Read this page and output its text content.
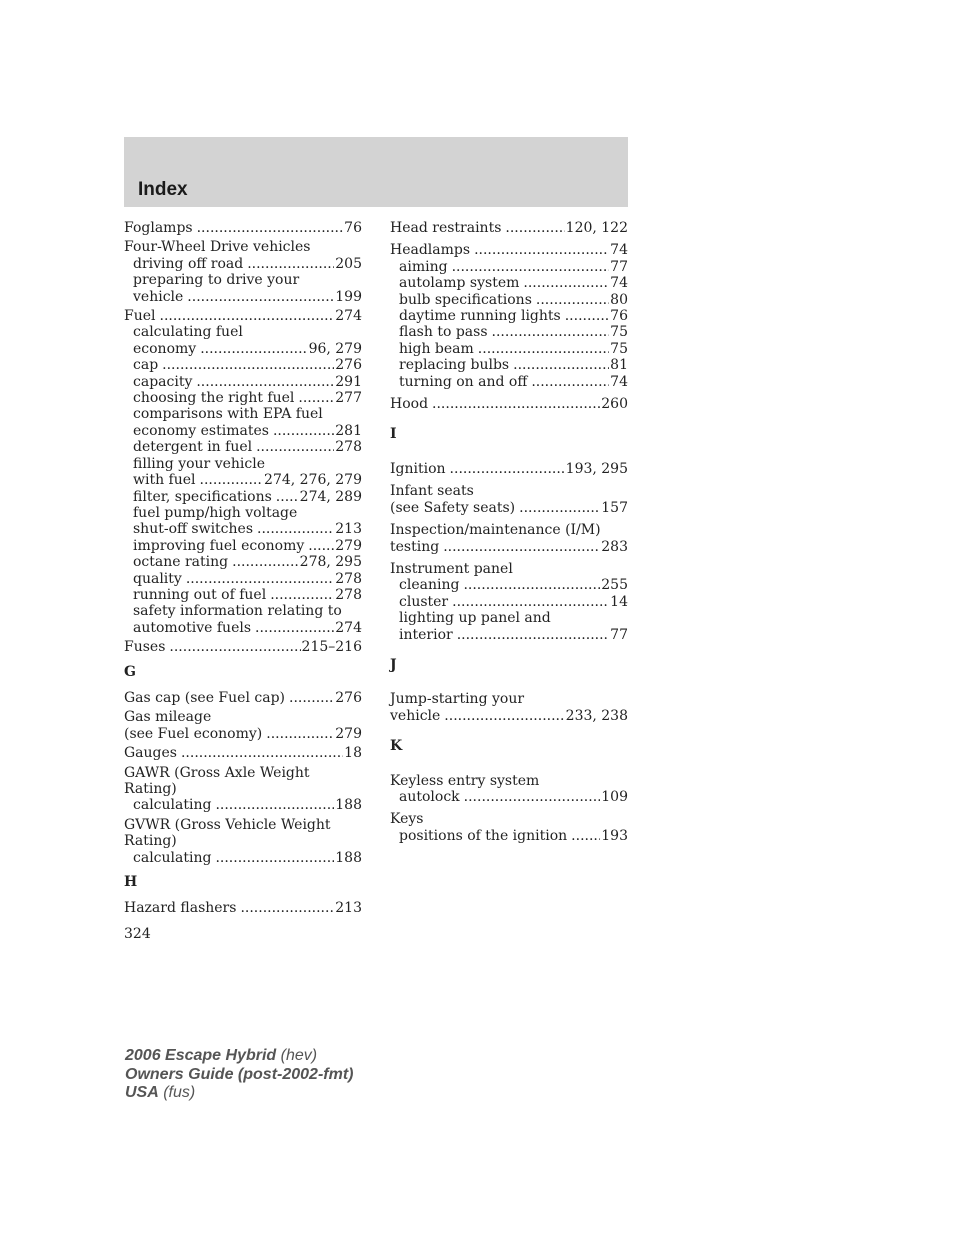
Index
Foglamps .....	76
Four-Wheel Drive vehicles
driving off road .....	205
preparing to drive your
vehicle .....	199
Fuel .....	274
calculating fuel
economy .....	96, 279
cap .....	276
capacity .....	291
choosing the right fuel .....	277
comparisons with EPA fuel
economy estimates .....	281
detergent in fuel .....	278
filling your vehicle
with fuel .....	274, 276, 279
filter, specifications ..... 274, 289
fuel pump/high voltage
shut-off switches .....	213
improving fuel economy ..... 279
octane rating .....	278, 295
quality .....	278
running out of fuel .....	278
safety information relating to
automotive fuels .....	274
Fuses .....	215–216
G
Gas cap (see Fuel cap) .....	276
Gas mileage
(see Fuel economy) .....	279
Gauges .....	18
GAWR (Gross Axle Weight
Rating)
calculating .....	188
GVWR (Gross Vehicle Weight
Rating)
calculating .....	188
H
Hazard flashers .....	213
Head restraints .....	120, 122
Headlamps .....	74
aiming .....	77
autolamp system .....	74
bulb specifications .....	80
daytime running lights .....	76
flash to pass .....	75
high beam .....	75
replacing bulbs .....	81
turning on and off .....	74
Hood .....	260
I
Ignition .....	193, 295
Infant seats
(see Safety seats) .....	157
Inspection/maintenance (I/M)
testing .....	283
Instrument panel
cleaning .....	255
cluster .....	14
lighting up panel and
interior .....	77
J
Jump-starting your
vehicle .....	233, 238
K
Keyless entry system
autolock .....	109
Keys
positions of the ignition ..... 193
324
2006 Escape Hybrid (hev)
Owners Guide (post-2002-fmt)
USA (fus)
